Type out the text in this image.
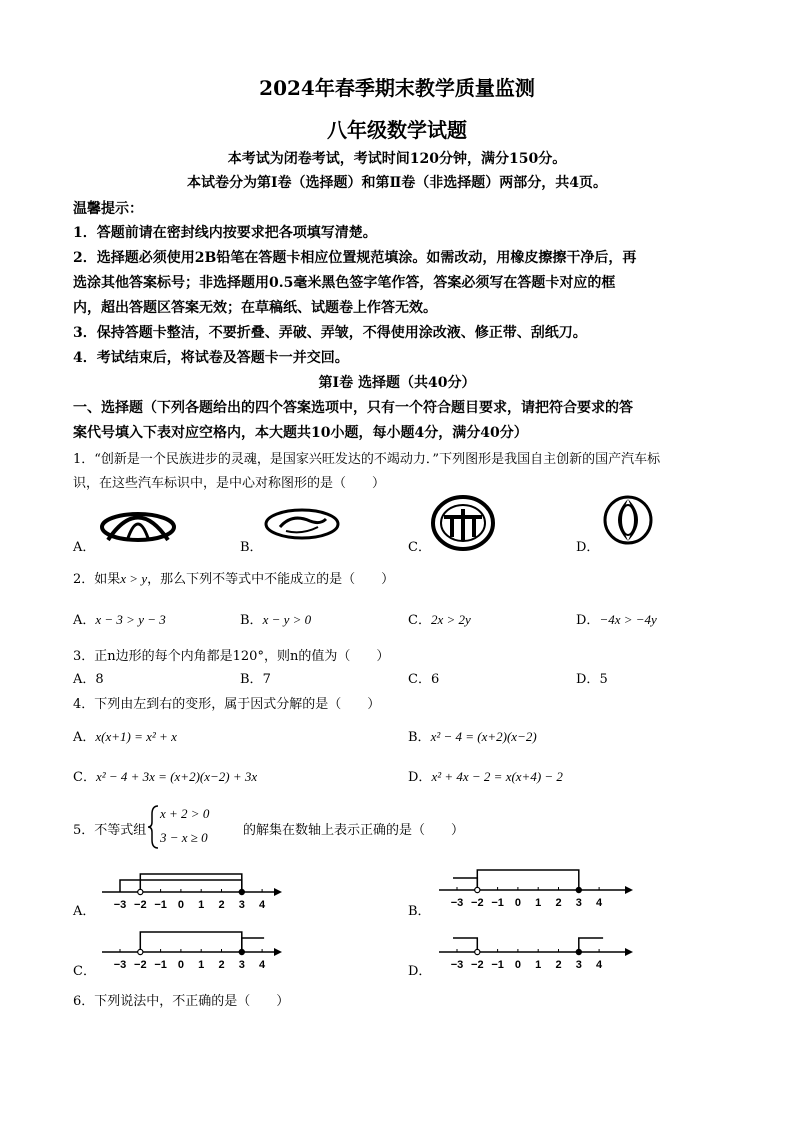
2024年春季期末教学质量监测
八年级数学试题
本考试为闭卷考试，考试时间120分钟，满分150分。
本试卷分为第Ⅰ卷（选择题）和第Ⅱ卷（非选择题）两部分，共4页。
温馨提示：
1．答题前请在密封线内按要求把各项填写清楚。
2．选择题必须使用2B铅笔在答题卡相应位置规范填涂。如需改动，用橡皮擦擦干净后，再
选涂其他答案标号；非选择题用0.5毫米黑色签字笔作答，答案必须写在答题卡对应的框
内，超出答题区答案无效；在草稿纸、试题卷上作答无效。
3．保持答题卡整洁，不要折叠、弄破、弄皱，不得使用涂改液、修正带、刮纸刀。
4．考试结束后，将试卷及答题卡一并交回。
第Ⅰ卷 选择题（共40分）
一、选择题（下列各题给出的四个答案选项中，只有一个符合题目要求，请把符合要求的答
案代号填入下表对应空格内，本大题共10小题，每小题4分，满分40分）
1．“创新是一个民族进步的灵魂，是国家兴旺发达的不竭动力．”下列图形是我国自主创新的国产汽车标
识，在这些汽车标识中，是中心对称图形的是（　　）
A．	B．	C．	D．
2．如果x > y，那么下列不等式中不能成立的是（　　）
A．x − 3 > y − 3	B．x − y > 0	C．2x > 2y	D．−4x > −4y
3．正n边形的每个内角都是120°，则n的值为（　　）
A．8	B．7	C．6	D．5
4．下列由左到右的变形，属于因式分解的是（　　）
A．x(x+1) = x² + x	B．x² − 4 = (x+2)(x−2)
C．x² − 4 + 3x = (x+2)(x−2) + 3x	D．x² + 4x − 2 = x(x+4) − 2
5．不等式组
x + 2 > 0
3 − x ≥ 0	的解集在数轴上表示正确的是（　　）
A． −3 −2 −1 0 1 2 3 4	B．
−3 −2 −1 0 1 2 3 4
C． −3 −2 −1 0 1 2 3 4	D． −3 −2 −1 0 1 2 3 4
6．下列说法中，不正确的是（　　）
